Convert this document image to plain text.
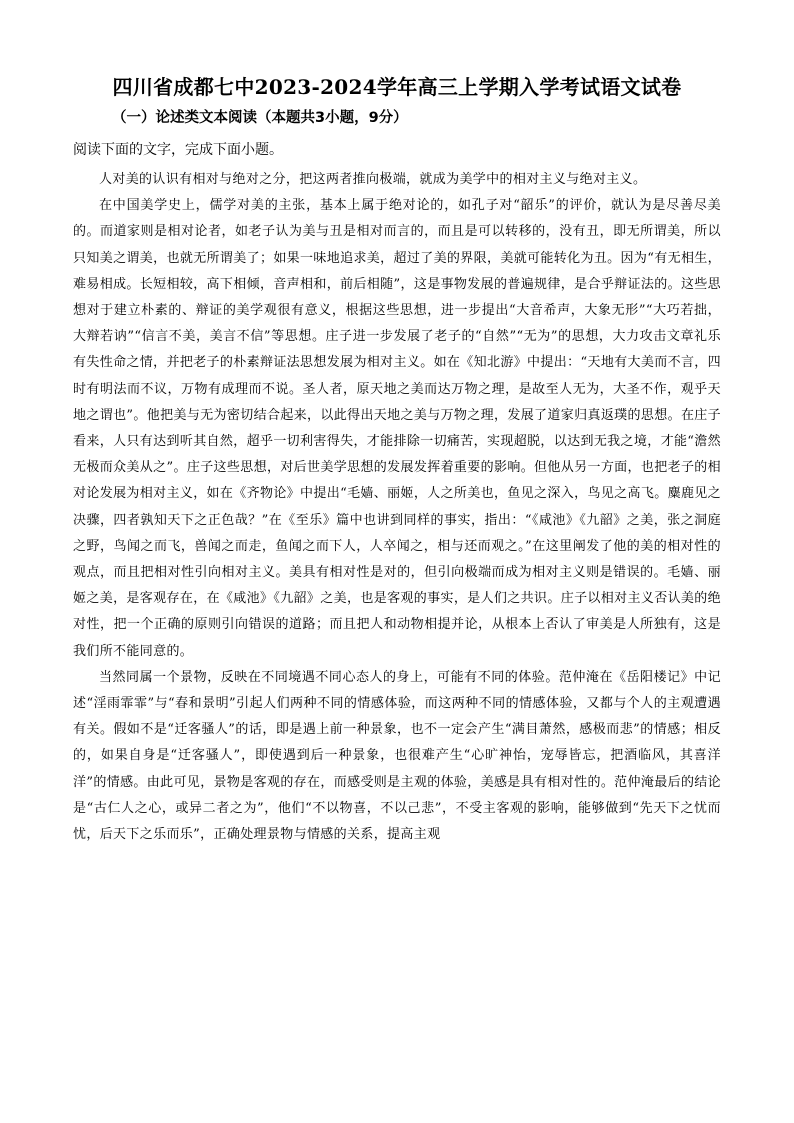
四川省成都七中2023-2024学年高三上学期入学考试语文试卷
（一）论述类文本阅读（本题共3小题，9分）
阅读下面的文字，完成下面小题。

人对美的认识有相对与绝对之分，把这两者推向极端，就成为美学中的相对主义与绝对主义。

在中国美学史上，儒学对美的主张，基本上属于绝对论的，如孔子对“韶乐”的评价，就认为是尽善尽美的。而道家则是相对论者，如老子认为美与丑是相对而言的，而且是可以转移的，没有丑，即无所谓美，所以只知美之谓美，也就无所谓美了；如果一味地追求美，超过了美的界限，美就可能转化为丑。因为“有无相生，难易相成。长短相较，高下相倾，音声相和，前后相随”，这是事物发展的普遍规律，是合乎辩证法的。这些思想对于建立朴素的、辩证的美学观很有意义，根据这些思想，进一步提出“大音希声，大象无形”“大巧若拙，大辩若讷”“信言不美，美言不信”等思想。庄子进一步发展了老子的“自然”“无为”的思想，大力攻击文章礼乐有失性命之情，并把老子的朴素辩证法思想发展为相对主义。如在《知北游》中提出：“天地有大美而不言，四时有明法而不议，万物有成理而不说。圣人者，原天地之美而达万物之理，是故至人无为，大圣不作，观乎天地之谓也”。他把美与无为密切结合起来，以此得出天地之美与万物之理，发展了道家归真返璞的思想。在庄子看来，人只有达到听其自然，超乎一切利害得失，才能排除一切痛苦，实现超脱，以达到无我之境，才能“澹然无极而众美从之”。庄子这些思想，对后世美学思想的发展发挥着重要的影响。但他从另一方面，也把老子的相对论发展为相对主义，如在《齐物论》中提出“毛嫱、丽姬，人之所美也，鱼见之深入，鸟见之高飞。麋鹿见之决骤，四者孰知天下之正色哉？”在《至乐》篇中也讲到同样的事实，指出：“《咸池》《九韶》之美，张之洞庭之野，鸟闻之而飞，兽闻之而走，鱼闻之而下人，人卒闻之，相与还而观之。”在这里阐发了他的美的相对性的观点，而且把相对性引向相对主义。美具有相对性是对的，但引向极端而成为相对主义则是错误的。毛嫱、丽姬之美，是客观存在，在《咸池》《九韶》之美，也是客观的事实，是人们之共识。庄子以相对主义否认美的绝对性，把一个正确的原则引向错误的道路；而且把人和动物相提并论，从根本上否认了审美是人所独有，这是我们所不能同意的。

当然同属一个景物，反映在不同境遇不同心态人的身上，可能有不同的体验。范仲淹在《岳阳楼记》中记述“淫雨霏霏”与“春和景明”引起人们两种不同的情感体验，而这两种不同的情感体验，又都与个人的主观遭遇有关。假如不是“迁客骚人”的话，即是遇上前一种景象，也不一定会产生“满目萧然，感极而悲”的情感；相反的，如果自身是“迁客骚人”，即使遇到后一种景象，也很难产生“心旷神怡，宠辱皆忘，把酒临风，其喜洋洋”的情感。由此可见，景物是客观的存在，而感受则是主观的体验，美感是具有相对性的。范仲淹最后的结论是“古仁人之心，或异二者之为”，他们“不以物喜，不以己悲”，不受主客观的影响，能够做到“先天下之忧而忧，后天下之乐而乐”，正确处理景物与情感的关系，提高主观
